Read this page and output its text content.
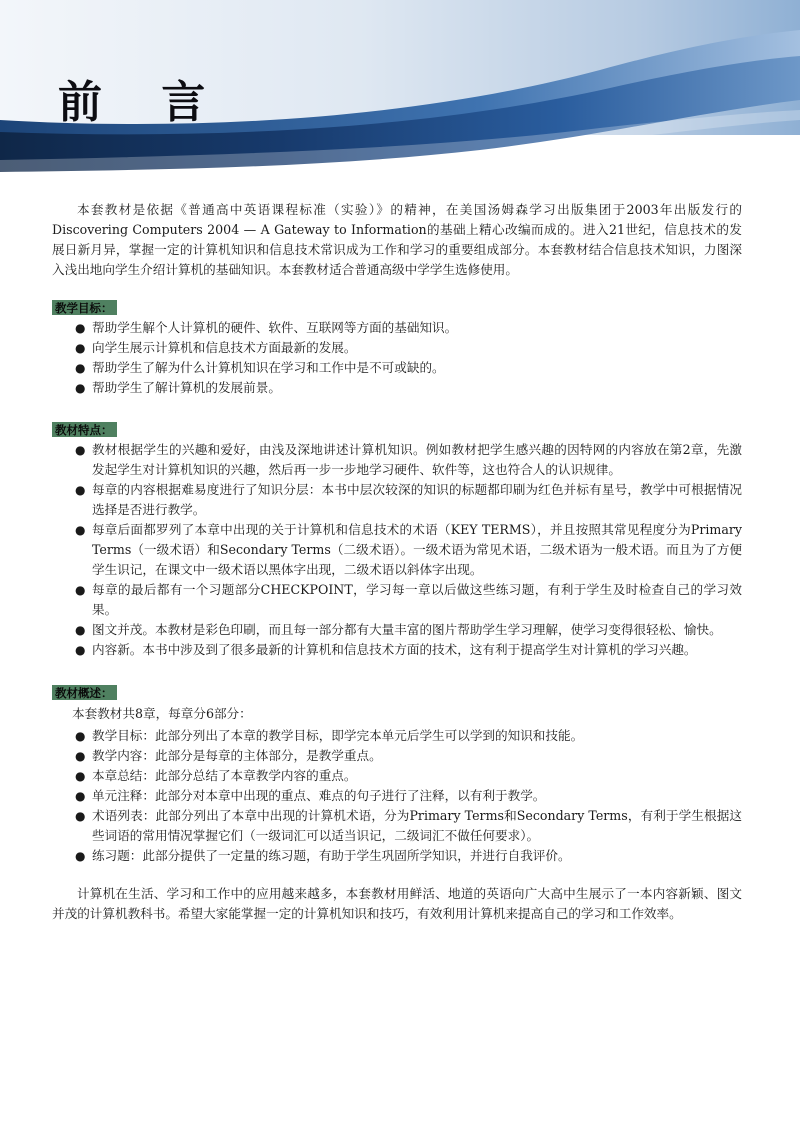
前 言

本套教材是依据《普通高中英语课程标准（实验）》的精神，在美国汤姆森学习出版集团于2003年出版发行的Discovering Computers 2004 — A Gateway to Information的基础上精心改编而成的。进入21世纪，信息技术的发展日新月异，掌握一定的计算机知识和信息技术常识成为工作和学习的重要组成部分。本套教材结合信息技术知识，力图深入浅出地向学生介绍计算机的基础知识。本套教材适合普通高级中学学生选修使用。

教学目标：
● 帮助学生解个人计算机的硬件、软件、互联网等方面的基础知识。
● 向学生展示计算机和信息技术方面最新的发展。
● 帮助学生了解为什么计算机知识在学习和工作中是不可或缺的。
● 帮助学生了解计算机的发展前景。
教材特点：
● 教材根据学生的兴趣和爱好，由浅及深地讲述计算机知识。例如教材把学生感兴趣的因特网的内容放在第2章，先激发起学生对计算机知识的兴趣，然后再一步一步地学习硬件、软件等，这也符合人的认识规律。
● 每章的内容根据难易度进行了知识分层：本书中层次较深的知识的标题都印刷为红色并标有星号，教学中可根据情况选择是否进行教学。
● 每章后面都罗列了本章中出现的关于计算机和信息技术的术语（KEY TERMS），并且按照其常见程度分为Primary Terms（一级术语）和Secondary Terms（二级术语）。一级术语为常见术语，二级术语为一般术语。而且为了方便学生识记，在课文中一级术语以黑体字出现，二级术语以斜体字出现。
● 每章的最后都有一个习题部分CHECKPOINT，学习每一章以后做这些练习题，有利于学生及时检查自己的学习效果。
● 图文并茂。本教材是彩色印刷，而且每一部分都有大量丰富的图片帮助学生学习理解，使学习变得很轻松、愉快。
● 内容新。本书中涉及到了很多最新的计算机和信息技术方面的技术，这有利于提高学生对计算机的学习兴趣。
教材概述：
本套教材共8章，每章分6部分：
● 教学目标：此部分列出了本章的教学目标，即学完本单元后学生可以学到的知识和技能。
● 教学内容：此部分是每章的主体部分，是教学重点。
● 本章总结：此部分总结了本章教学内容的重点。
● 单元注释：此部分对本章中出现的重点、难点的句子进行了注释，以有利于教学。
● 术语列表：此部分列出了本章中出现的计算机术语，分为Primary Terms和Secondary Terms，有利于学生根据这些词语的常用情况掌握它们（一级词汇可以适当识记，二级词汇不做任何要求）。
● 练习题：此部分提供了一定量的练习题，有助于学生巩固所学知识，并进行自我评价。

计算机在生活、学习和工作中的应用越来越多，本套教材用鲜活、地道的英语向广大高中生展示了一本内容新颖、图文并茂的计算机教科书。希望大家能掌握一定的计算机知识和技巧，有效利用计算机来提高自己的学习和工作效率。
